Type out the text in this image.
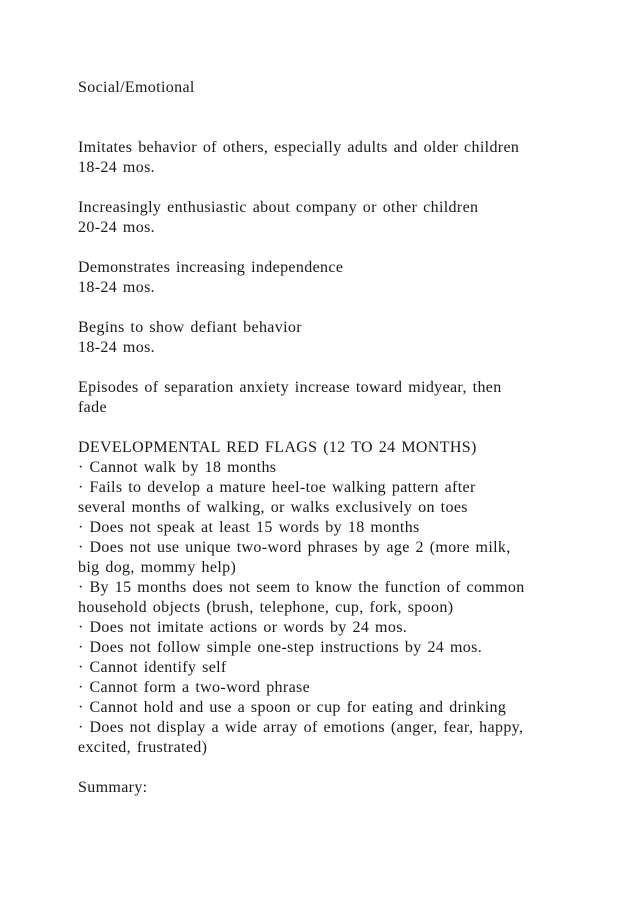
Social/Emotional
Imitates behavior of others, especially adults and older children
18-24 mos.
Increasingly enthusiastic about company or other children
20-24 mos.
Demonstrates increasing independence
18-24 mos.
Begins to show defiant behavior
18-24 mos.
Episodes of separation anxiety increase toward midyear, then
fade
DEVELOPMENTAL RED FLAGS (12 TO 24 MONTHS)
· Cannot walk by 18 months
· Fails to develop a mature heel-toe walking pattern after
several months of walking, or walks exclusively on toes
· Does not speak at least 15 words by 18 months
· Does not use unique two-word phrases by age 2 (more milk,
big dog, mommy help)
· By 15 months does not seem to know the function of common
household objects (brush, telephone, cup, fork, spoon)
· Does not imitate actions or words by 24 mos.
· Does not follow simple one-step instructions by 24 mos.
· Cannot identify self
· Cannot form a two-word phrase
· Cannot hold and use a spoon or cup for eating and drinking
· Does not display a wide array of emotions (anger, fear, happy,
excited, frustrated)
Summary:
